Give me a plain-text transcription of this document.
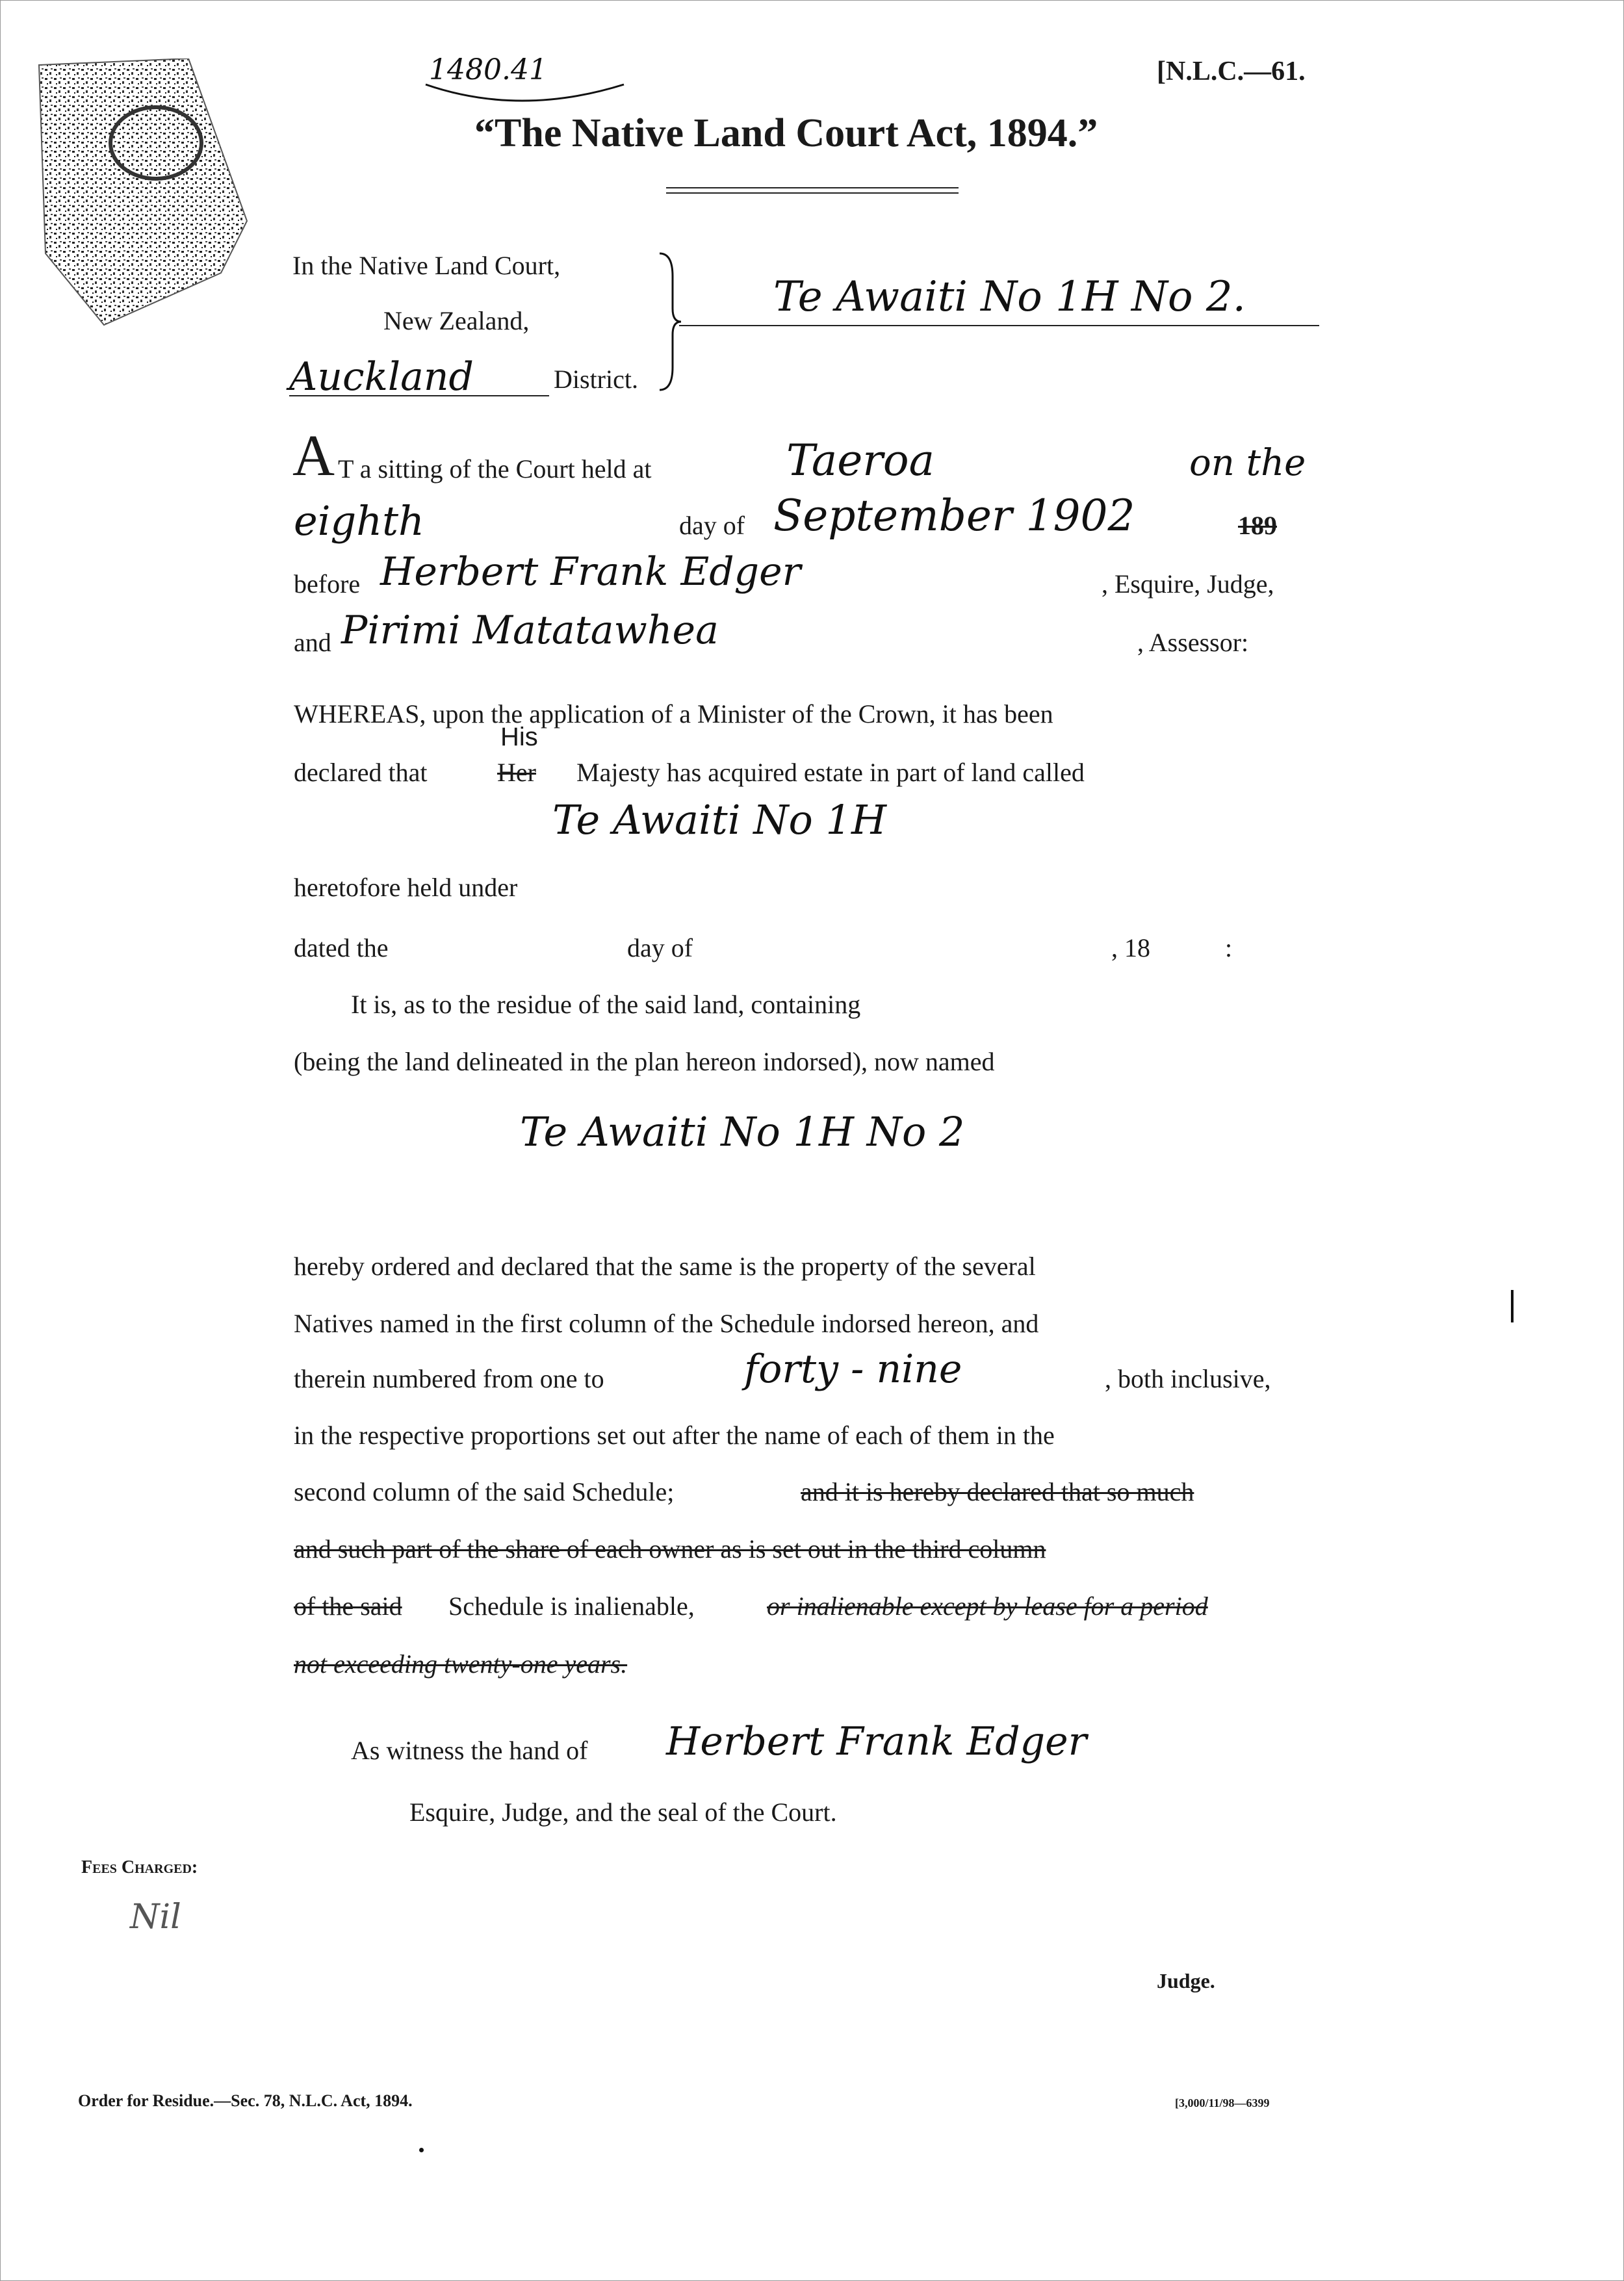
1480.41	[N.L.C.—61.
“The Native Land Court Act, 1894.”
In the Native Land Court,
New Zealand,
Auckland	District.
Te Awaiti No 1H No 2.
A T a sitting of the Court held at	Taeroa	on the
eighth	day of September 1902	189
before Herbert Frank Edger	, Esquire, Judge,
and Pirimi Matatawhea	, Assessor:
WHEREAS, upon the application of a Minister of the Crown, it has been
declared that	Her
His
Majesty has acquired estate in part of land called
Te Awaiti No 1H
heretofore held under
dated the	day of	, 18	:
It is, as to the residue of the said land, containing
(being the land delineated in the plan hereon indorsed), now named
Te Awaiti No 1H No 2
hereby ordered and declared that the same is the property of the several
Natives named in the first column of the Schedule indorsed hereon, and
therein numbered from one to	forty - nine	, both inclusive,
in the respective proportions set out after the name of each of them in the
second column of the said Schedule;	and it is hereby declared that so much
and such part of the share of each owner as is set out in the third column
of the said Schedule is inalienable,	or inalienable except by lease for a period
not exceeding twenty-one years.
As witness the hand of Herbert Frank Edger
Esquire, Judge, and the seal of the Court.
Fees Charged:
Nil
Judge.
Order for Residue.—Sec. 78, N.L.C. Act, 1894.	[3,000/11/98—6399
